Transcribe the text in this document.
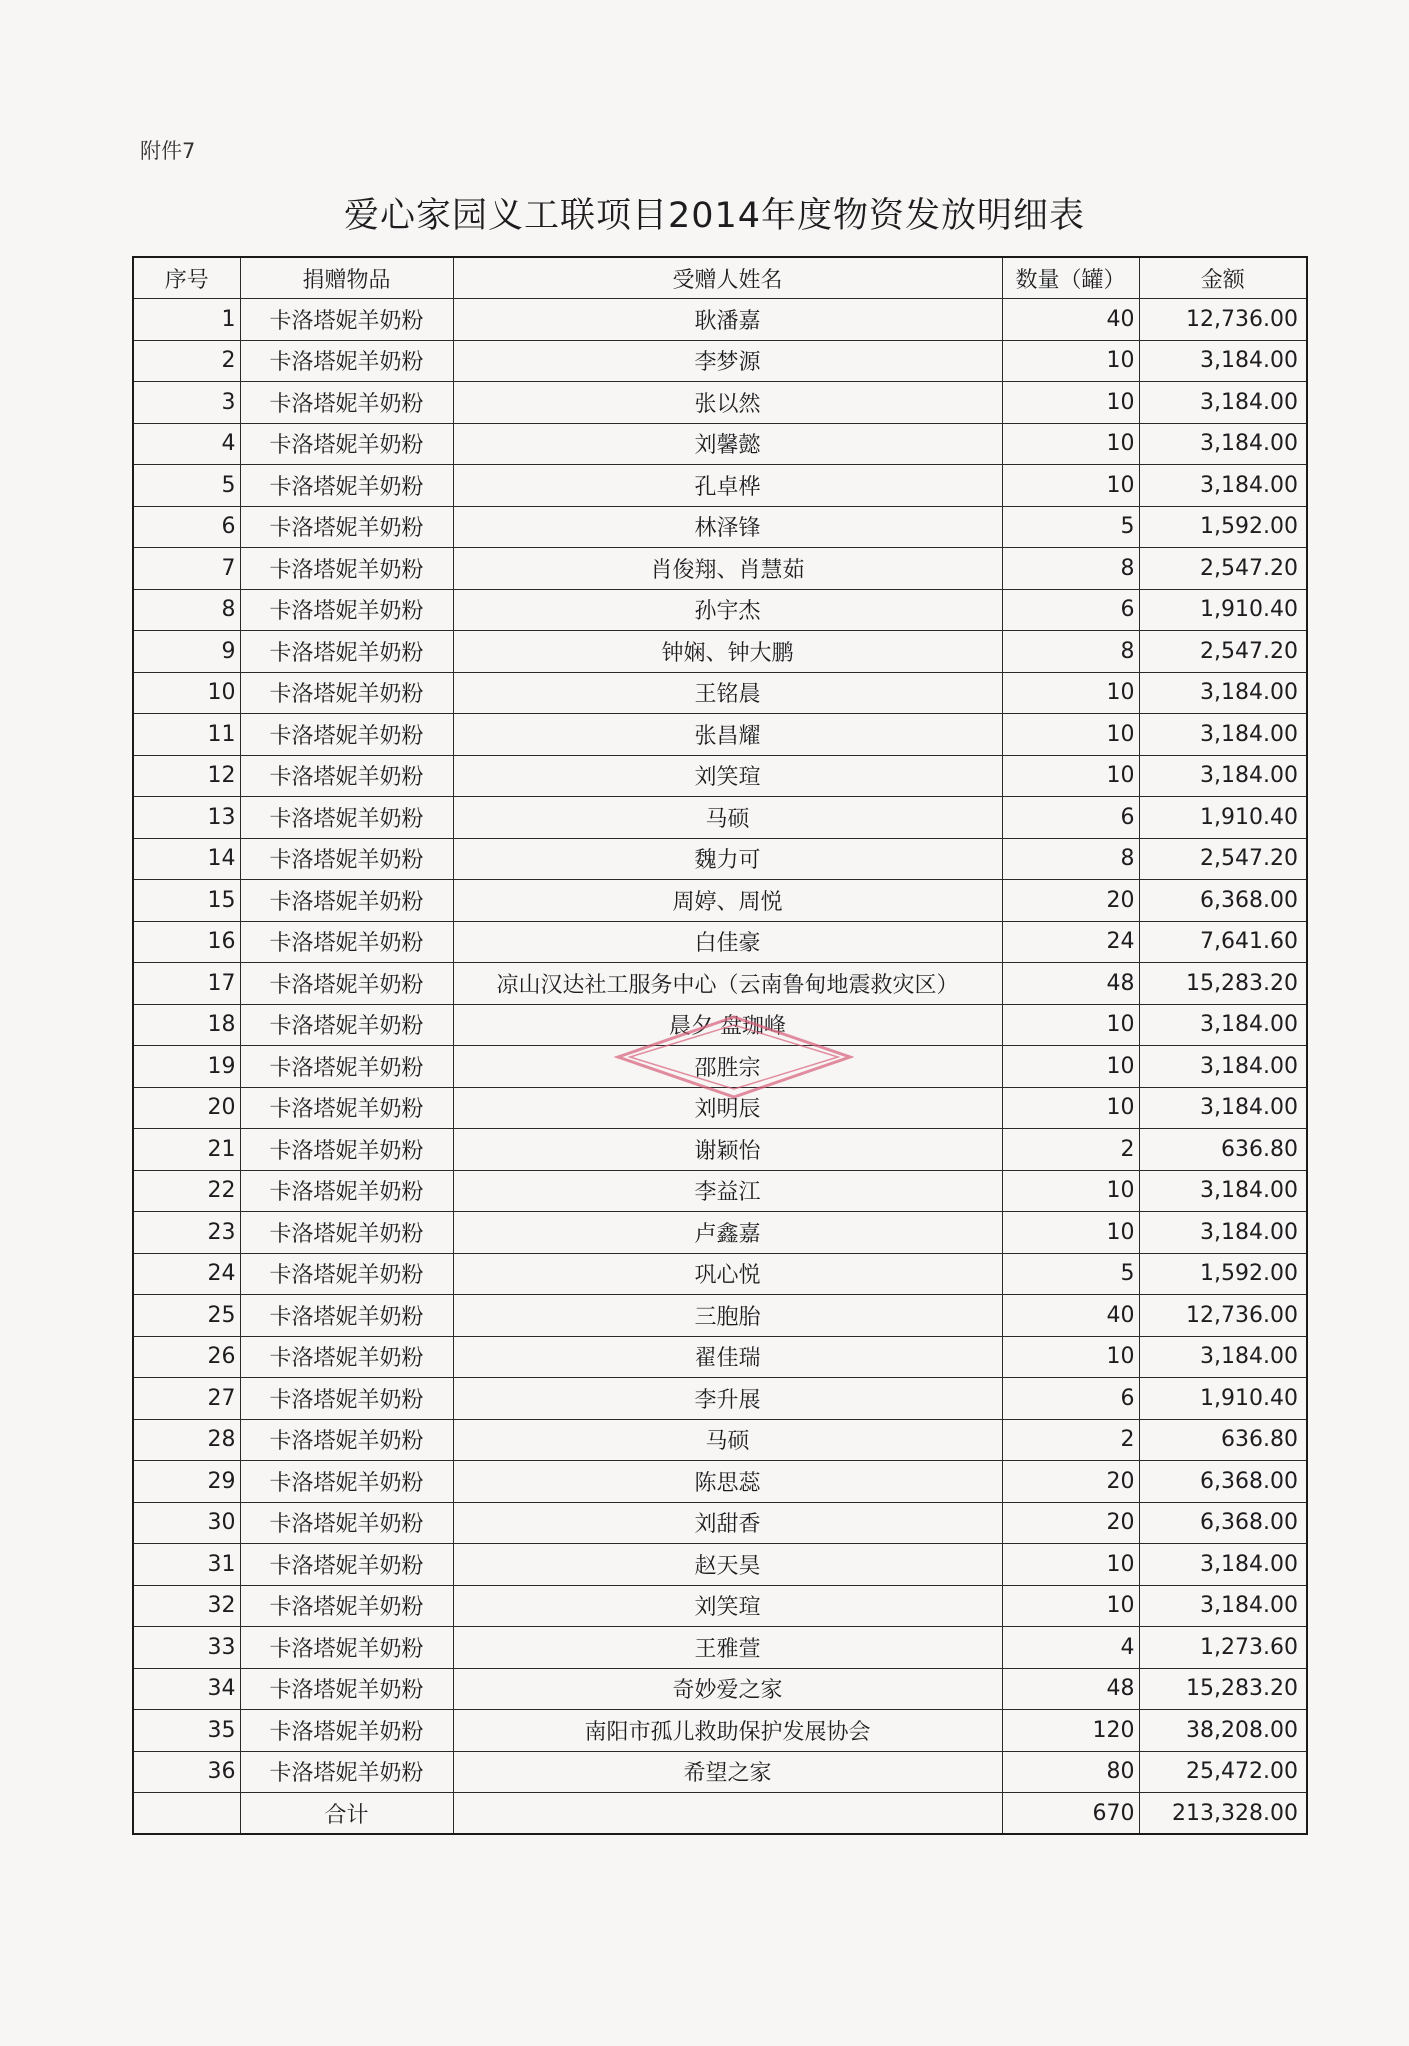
附件7
爱心家园义工联项目2014年度物资发放明细表
序号	捐赠物品	受赠人姓名	数量（罐）	金额
1	卡洛塔妮羊奶粉	耿潘嘉	40	12,736.00
2	卡洛塔妮羊奶粉	李梦源	10	3,184.00
3	卡洛塔妮羊奶粉	张以然	10	3,184.00
4	卡洛塔妮羊奶粉	刘馨懿	10	3,184.00
5	卡洛塔妮羊奶粉	孔卓桦	10	3,184.00
6	卡洛塔妮羊奶粉	林泽锋	5	1,592.00
7	卡洛塔妮羊奶粉	肖俊翔、肖慧茹	8	2,547.20
8	卡洛塔妮羊奶粉	孙宇杰	6	1,910.40
9	卡洛塔妮羊奶粉	钟娴、钟大鹏	8	2,547.20
10	卡洛塔妮羊奶粉	王铭晨	10	3,184.00
11	卡洛塔妮羊奶粉	张昌耀	10	3,184.00
12	卡洛塔妮羊奶粉	刘笑瑄	10	3,184.00
13	卡洛塔妮羊奶粉	马硕	6	1,910.40
14	卡洛塔妮羊奶粉	魏力可	8	2,547.20
15	卡洛塔妮羊奶粉	周婷、周悦	20	6,368.00
16	卡洛塔妮羊奶粉	白佳豪	24	7,641.60
17	卡洛塔妮羊奶粉	凉山汉达社工服务中心（云南鲁甸地震救灾区）	48	15,283.20
18	卡洛塔妮羊奶粉	晨夕 盘珈峰	10	3,184.00
19	卡洛塔妮羊奶粉	邵胜宗	10	3,184.00
20	卡洛塔妮羊奶粉	刘明辰	10	3,184.00
21	卡洛塔妮羊奶粉	谢颖怡	2	636.80
22	卡洛塔妮羊奶粉	李益江	10	3,184.00
23	卡洛塔妮羊奶粉	卢鑫嘉	10	3,184.00
24	卡洛塔妮羊奶粉	巩心悦	5	1,592.00
25	卡洛塔妮羊奶粉	三胞胎	40	12,736.00
26	卡洛塔妮羊奶粉	翟佳瑞	10	3,184.00
27	卡洛塔妮羊奶粉	李升展	6	1,910.40
28	卡洛塔妮羊奶粉	马硕	2	636.80
29	卡洛塔妮羊奶粉	陈思蕊	20	6,368.00
30	卡洛塔妮羊奶粉	刘甜香	20	6,368.00
31	卡洛塔妮羊奶粉	赵天昊	10	3,184.00
32	卡洛塔妮羊奶粉	刘笑瑄	10	3,184.00
33	卡洛塔妮羊奶粉	王雅萱	4	1,273.60
34	卡洛塔妮羊奶粉	奇妙爱之家	48	15,283.20
35	卡洛塔妮羊奶粉	南阳市孤儿救助保护发展协会	120	38,208.00
36	卡洛塔妮羊奶粉	希望之家	80	25,472.00
	合计		670	213,328.00
